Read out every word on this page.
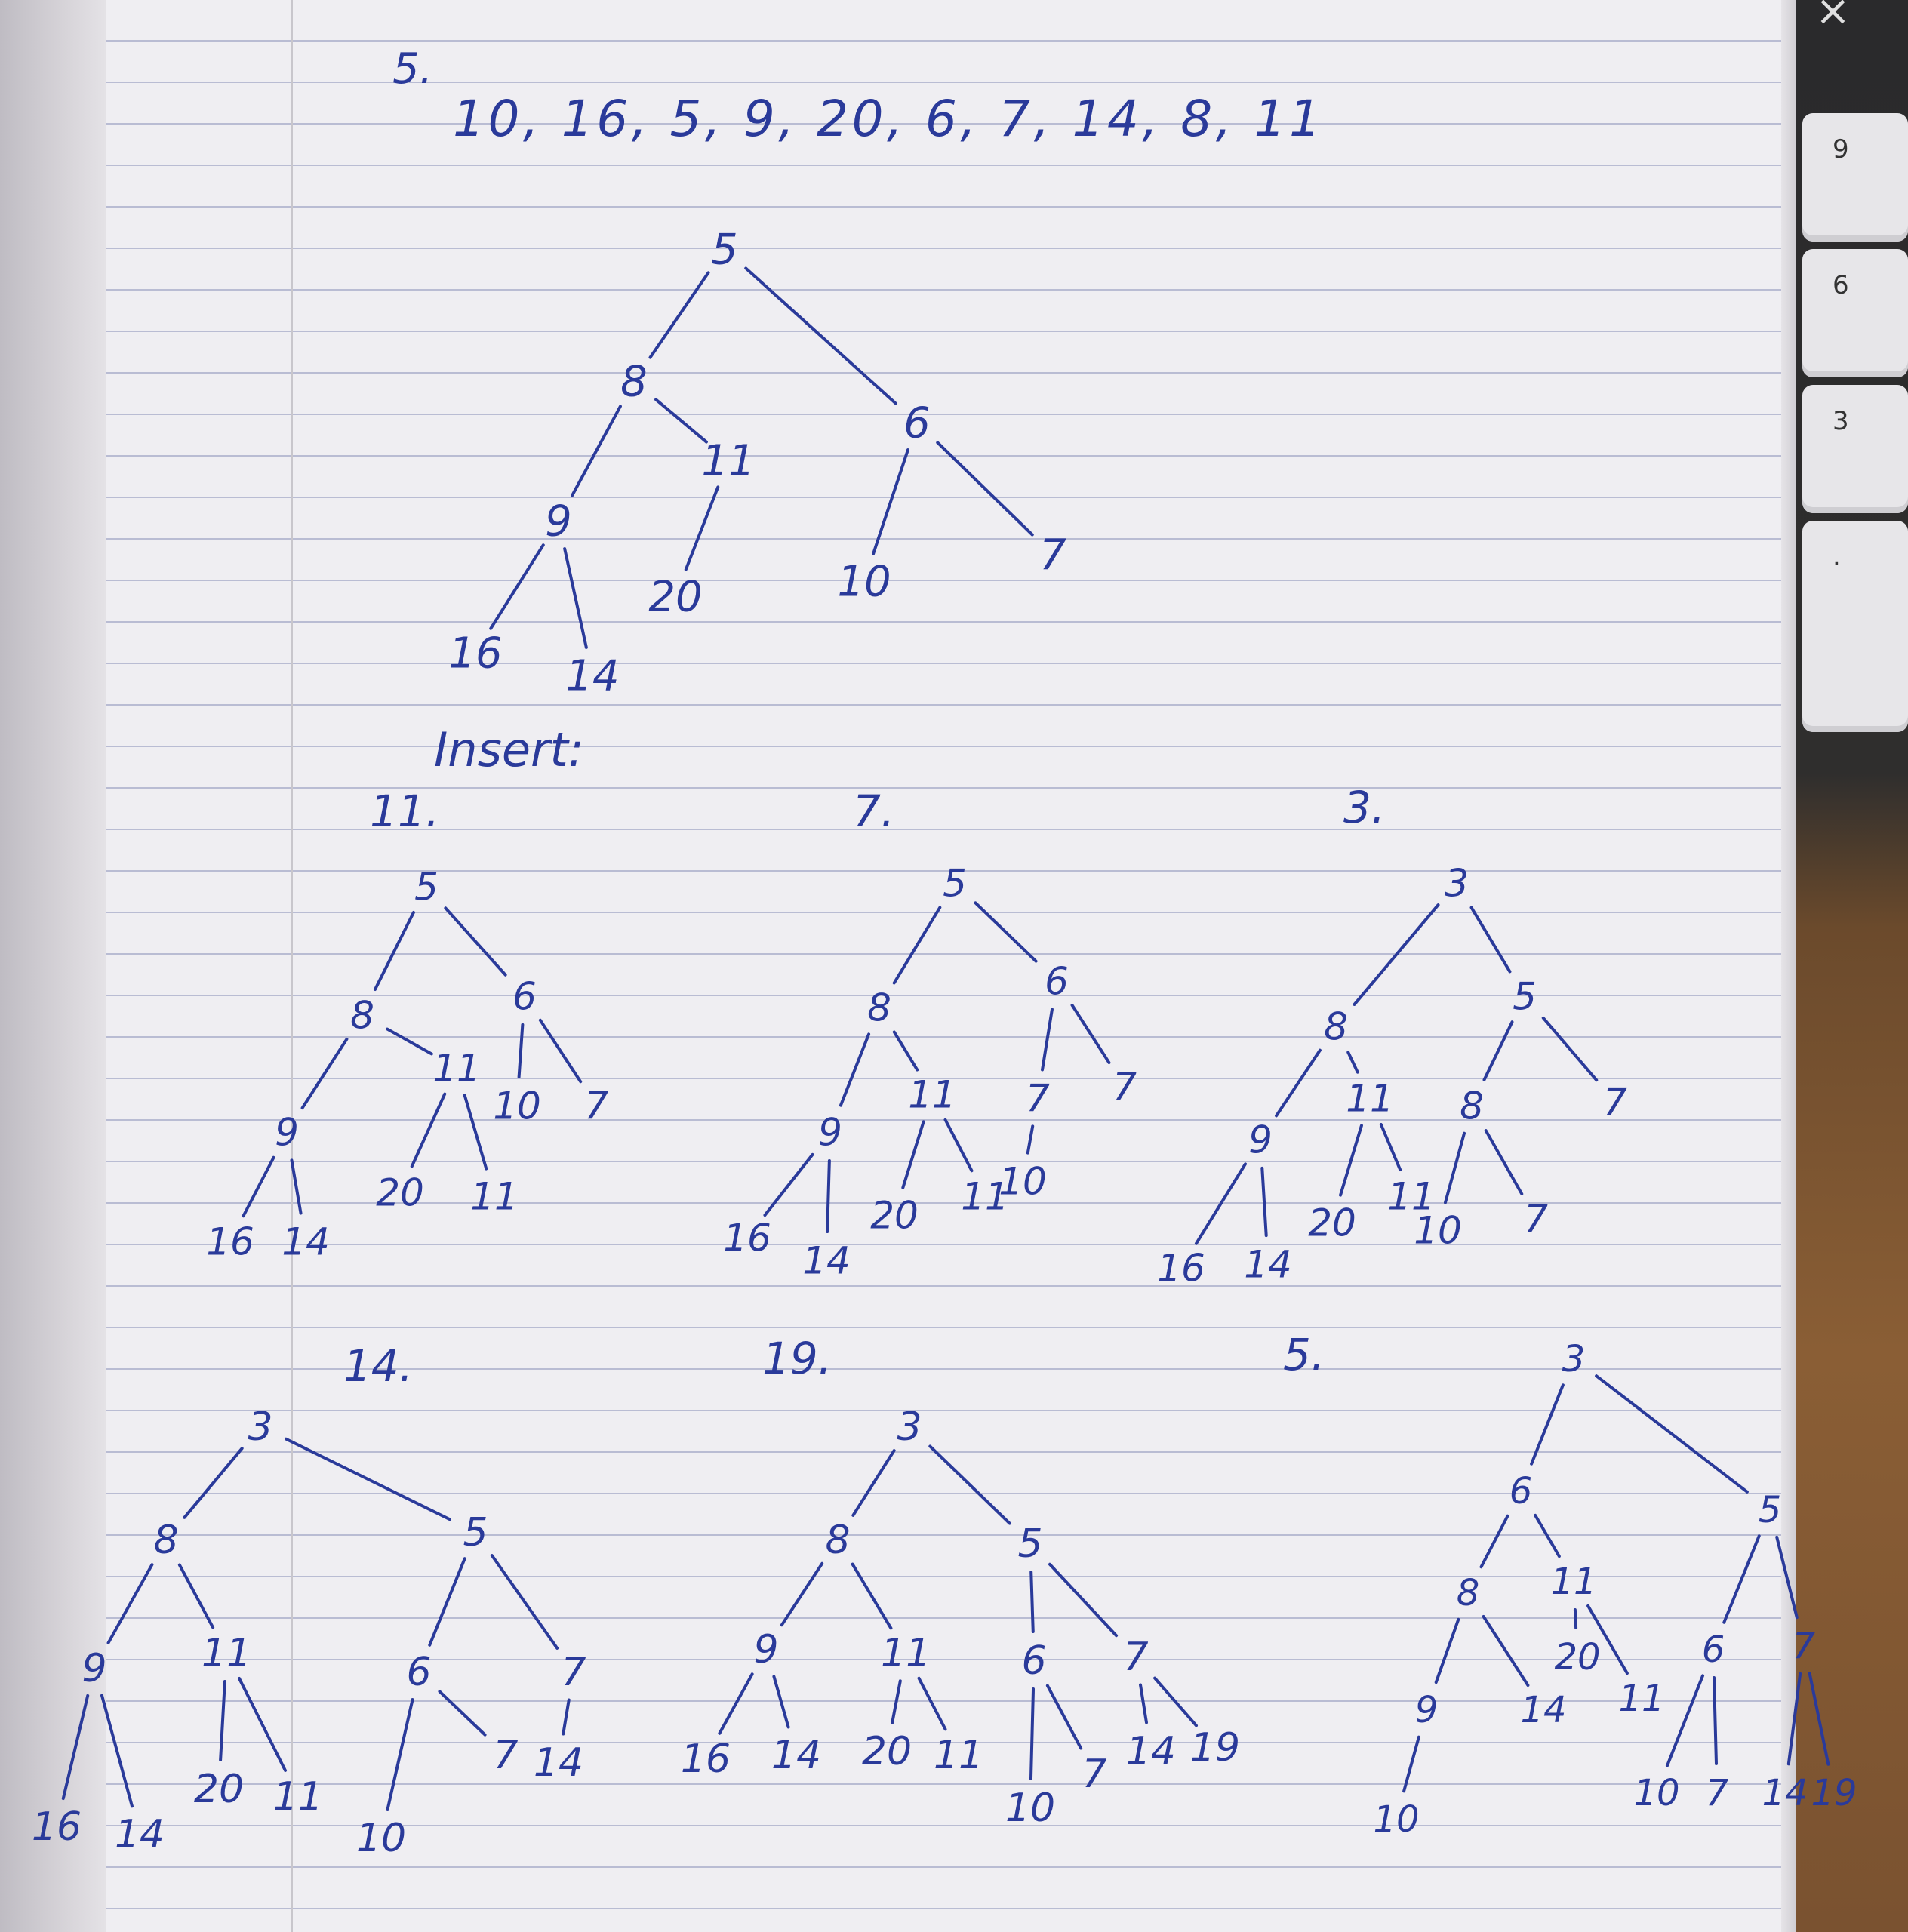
9
6
3
.
×
5.
10, 16, 5, 9, 20, 6, 7, 14, 8, 11
Insert:
5
8
6
9
11
10
7
16 14
20
11.
5
8	6
11
10 7
9
20 11
16 14
7.
5
8
6
11 7 7
9
20 11
10
16
14
3.
3
8
5
11 8	7
9
20
11
10 7
16 14
14.
3
8	5
11	6	7
9
20 11
10
7 14
16 14
19.
3
8	5
9	11 6 7
16 14 20 11
10
7 14 19
5.	3
6	5
8 11
6 7
9 14
20
11
10 7 14 19
10
